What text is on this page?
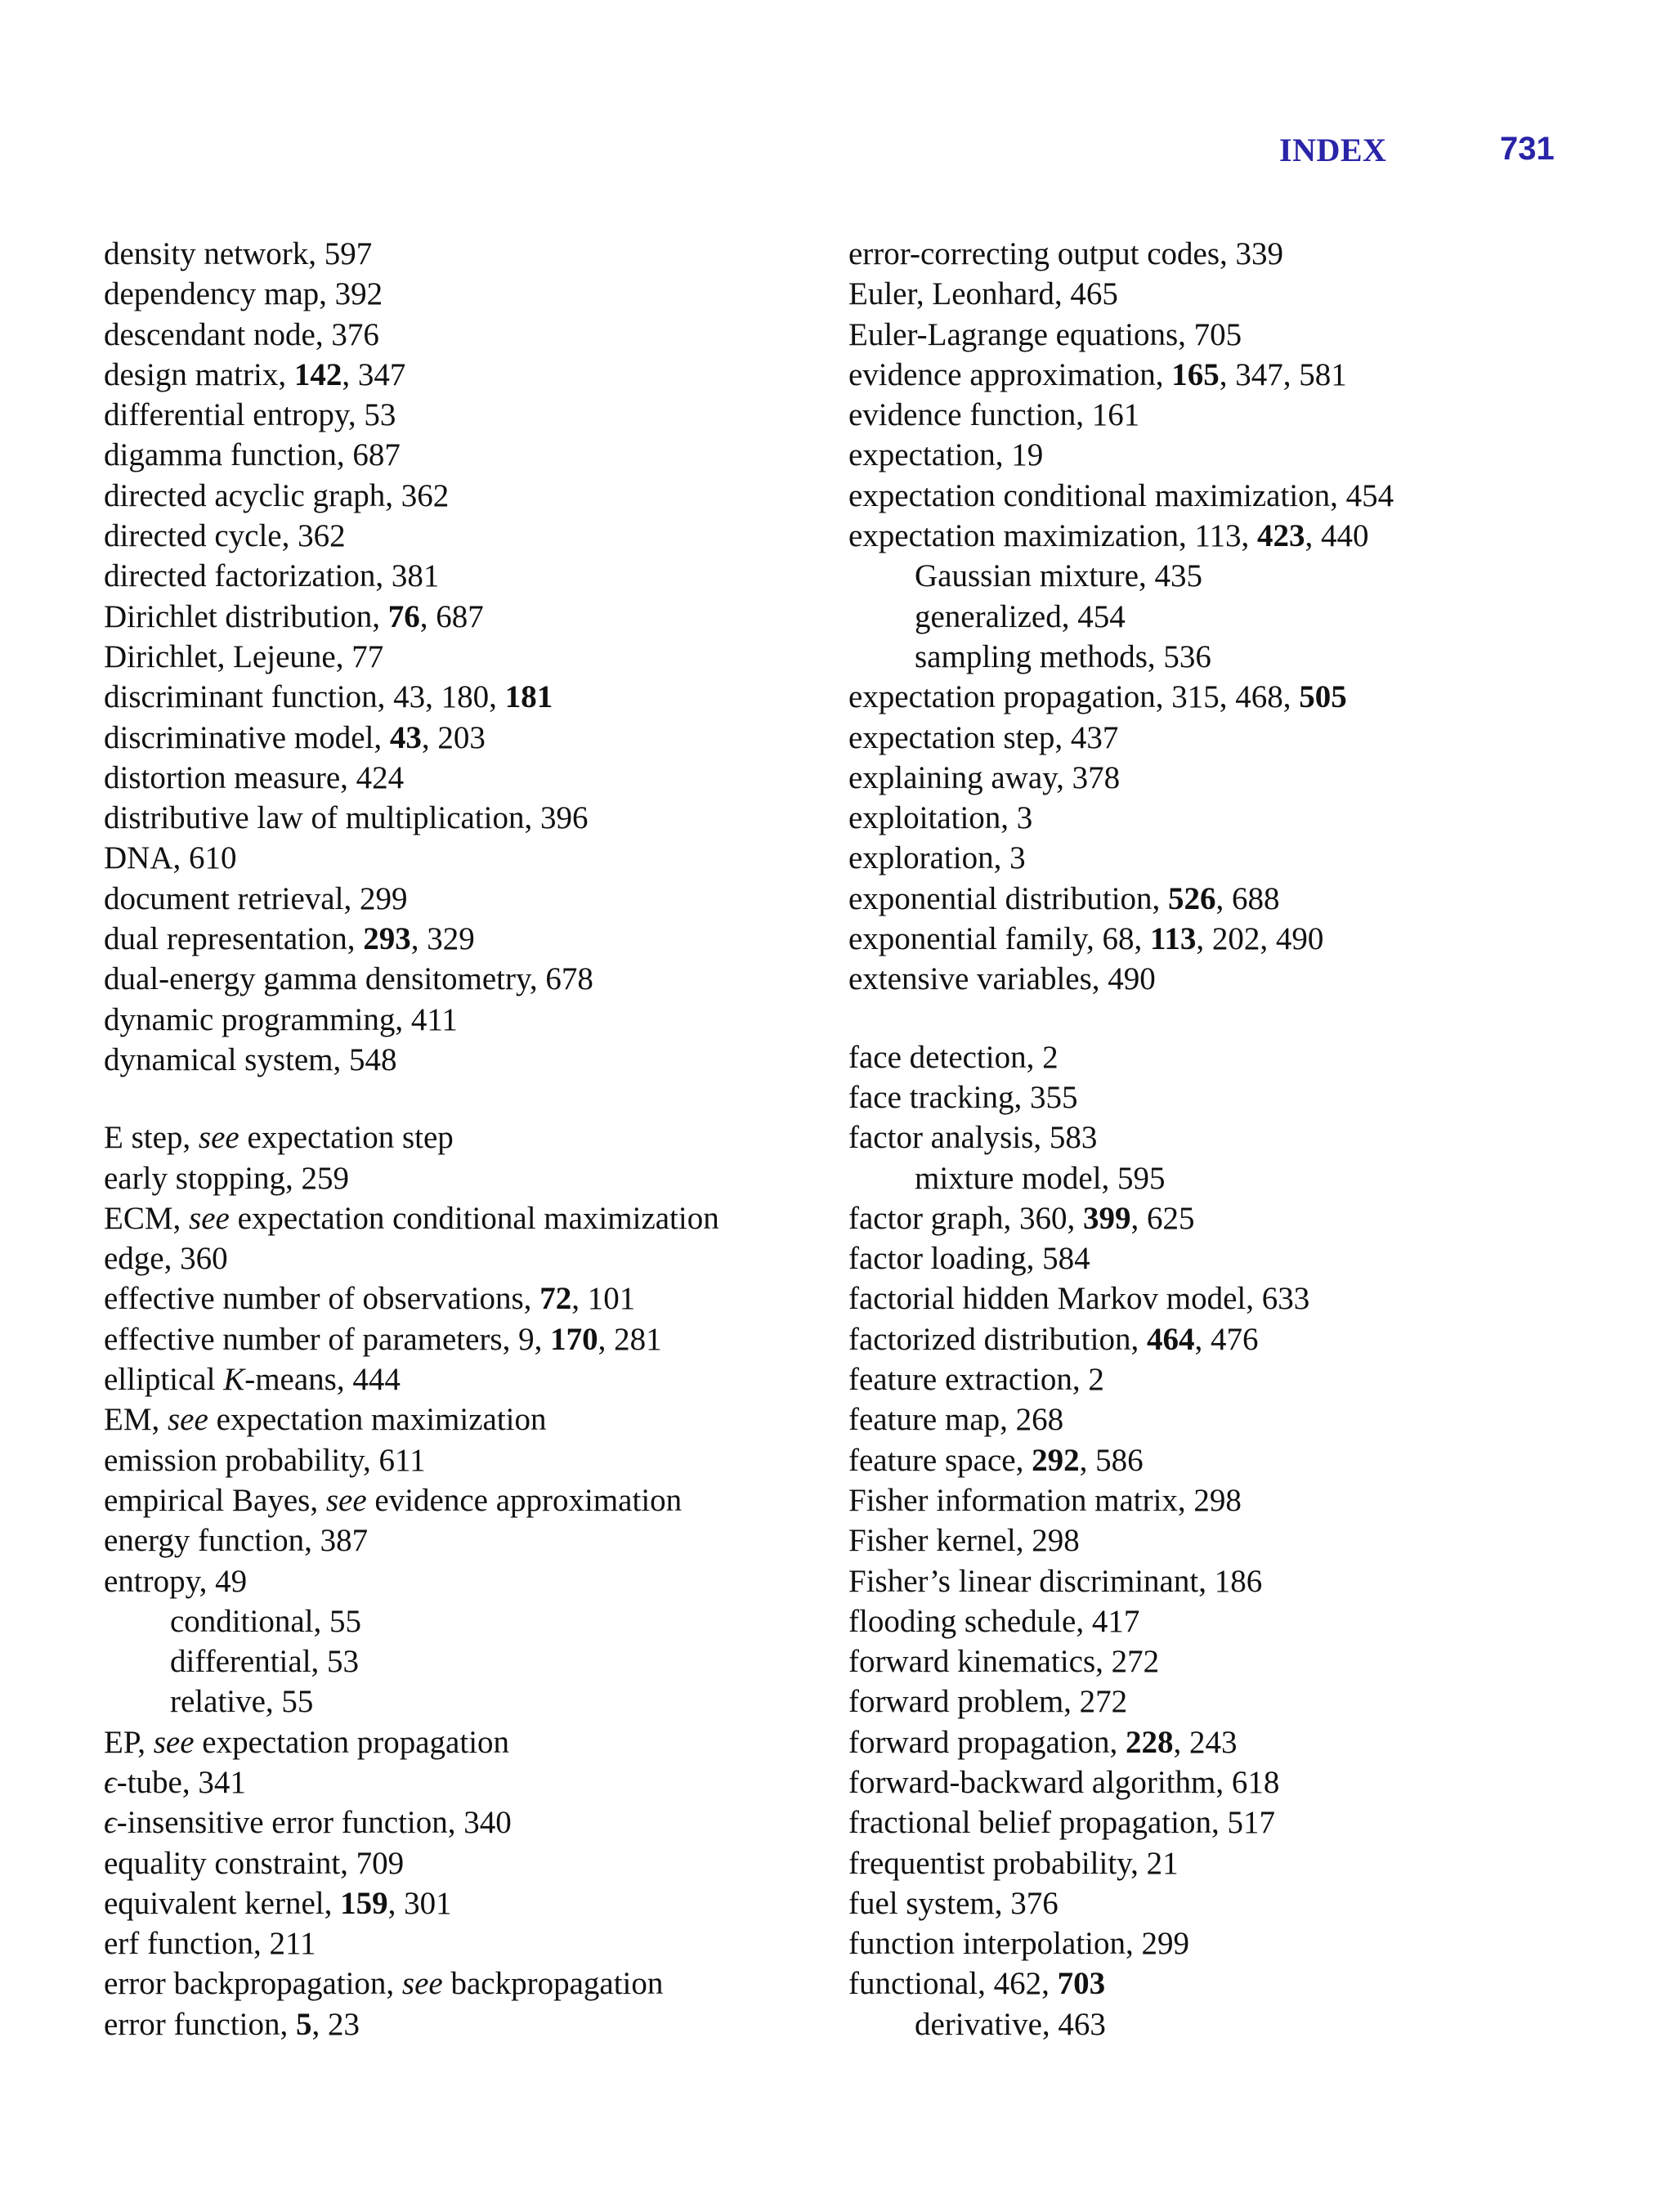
INDEX	731
density network, 597
dependency map, 392
descendant node, 376
design matrix, 142, 347
differential entropy, 53
digamma function, 687
directed acyclic graph, 362
directed cycle, 362
directed factorization, 381
Dirichlet distribution, 76, 687
Dirichlet, Lejeune, 77
discriminant function, 43, 180, 181
discriminative model, 43, 203
distortion measure, 424
distributive law of multiplication, 396
DNA, 610
document retrieval, 299
dual representation, 293, 329
dual-energy gamma densitometry, 678
dynamic programming, 411
dynamical system, 548
E step, see expectation step
early stopping, 259
ECM, see expectation conditional maximization
edge, 360
effective number of observations, 72, 101
effective number of parameters, 9, 170, 281
elliptical K-means, 444
EM, see expectation maximization
emission probability, 611
empirical Bayes, see evidence approximation
energy function, 387
entropy, 49
conditional, 55
differential, 53
relative, 55
EP, see expectation propagation
ϵ-tube, 341
ϵ-insensitive error function, 340
equality constraint, 709
equivalent kernel, 159, 301
erf function, 211
error backpropagation, see backpropagation
error function, 5, 23
error-correcting output codes, 339
Euler, Leonhard, 465
Euler-Lagrange equations, 705
evidence approximation, 165, 347, 581
evidence function, 161
expectation, 19
expectation conditional maximization, 454
expectation maximization, 113, 423, 440
Gaussian mixture, 435
generalized, 454
sampling methods, 536
expectation propagation, 315, 468, 505
expectation step, 437
explaining away, 378
exploitation, 3
exploration, 3
exponential distribution, 526, 688
exponential family, 68, 113, 202, 490
extensive variables, 490
face detection, 2
face tracking, 355
factor analysis, 583
mixture model, 595
factor graph, 360, 399, 625
factor loading, 584
factorial hidden Markov model, 633
factorized distribution, 464, 476
feature extraction, 2
feature map, 268
feature space, 292, 586
Fisher information matrix, 298
Fisher kernel, 298
Fisher’s linear discriminant, 186
flooding schedule, 417
forward kinematics, 272
forward problem, 272
forward propagation, 228, 243
forward-backward algorithm, 618
fractional belief propagation, 517
frequentist probability, 21
fuel system, 376
function interpolation, 299
functional, 462, 703
derivative, 463
